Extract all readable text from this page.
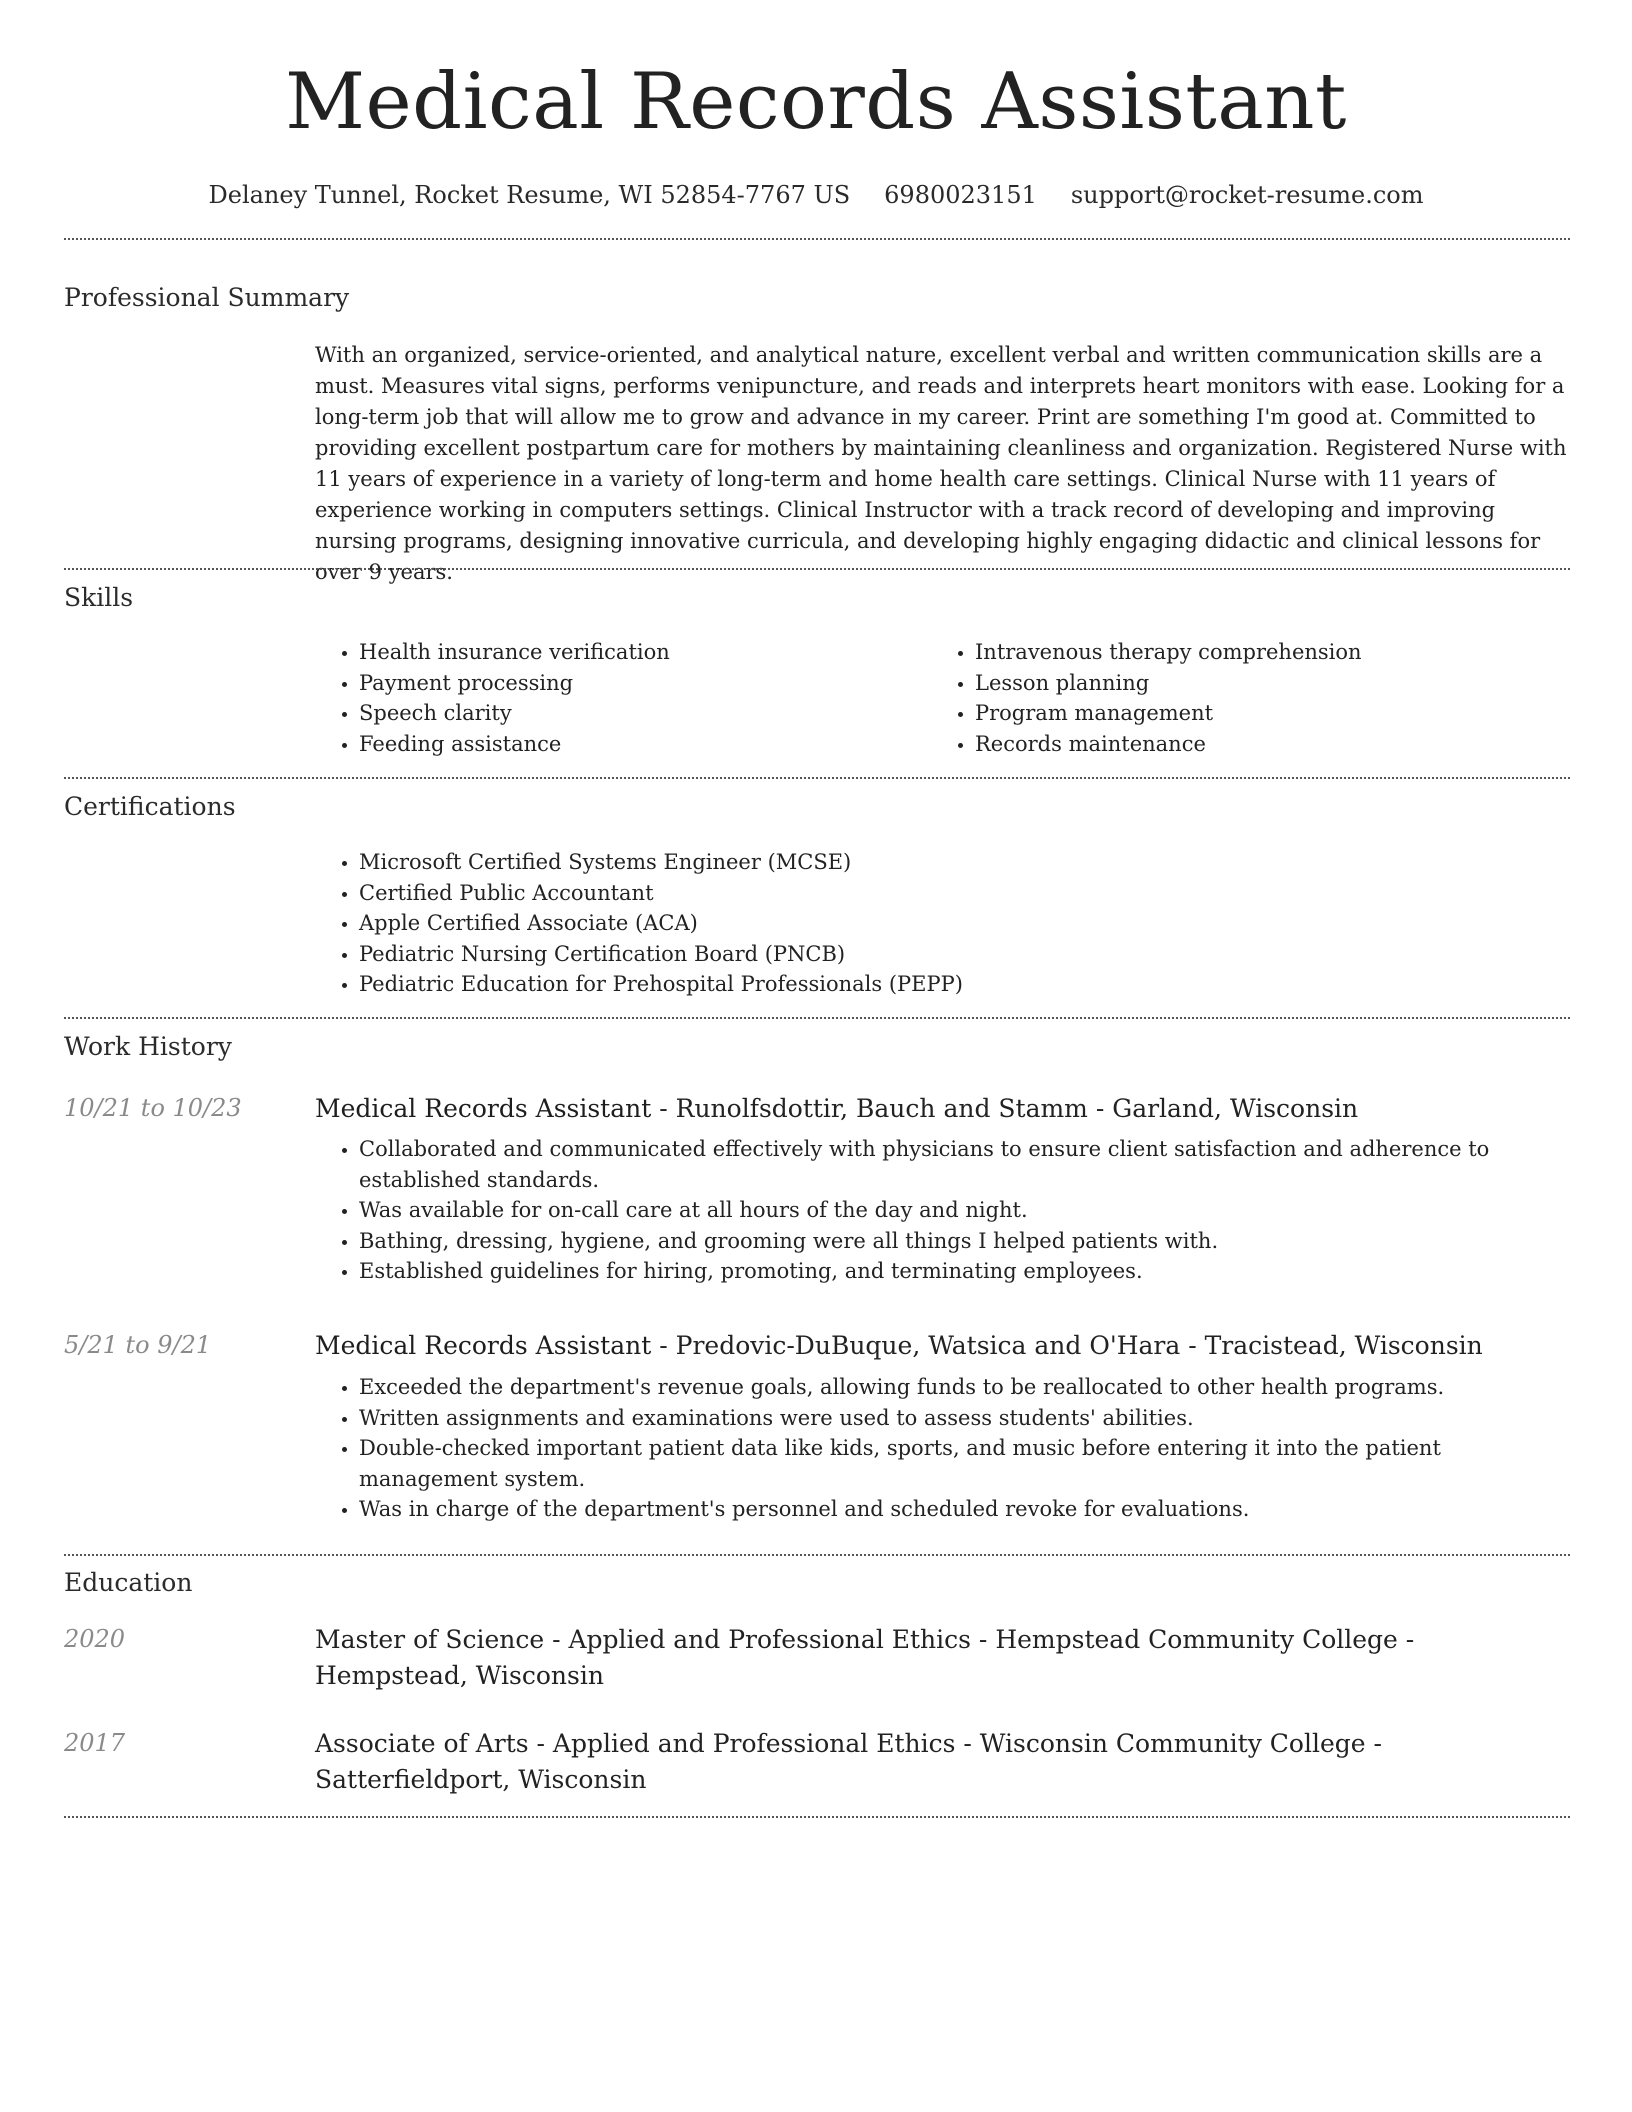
Medical Records Assistant
Delaney Tunnel, Rocket Resume, WI 52854-7767 US 6980023151 support@rocket-resume.com
Professional Summary
With an organized, service-oriented, and analytical nature, excellent verbal and written communication skills are a must. Measures vital signs, performs venipuncture, and reads and interprets heart monitors with ease. Looking for a long-term job that will allow me to grow and advance in my career. Print are something I'm good at. Committed to providing excellent postpartum care for mothers by maintaining cleanliness and organization. Registered Nurse with 11 years of experience in a variety of long-term and home health care settings. Clinical Nurse with 11 years of experience working in computers settings. Clinical Instructor with a track record of developing and improving nursing programs, designing innovative curricula, and developing highly engaging didactic and clinical lessons for over 9 years.
Skills
• Health insurance verification
• Payment processing
• Speech clarity
• Feeding assistance
• Intravenous therapy comprehension
• Lesson planning
• Program management
• Records maintenance
Certifications
• Microsoft Certified Systems Engineer (MCSE)
• Certified Public Accountant
• Apple Certified Associate (ACA)
• Pediatric Nursing Certification Board (PNCB)
• Pediatric Education for Prehospital Professionals (PEPP)
Work History
10/21 to 10/23	Medical Records Assistant - Runolfsdottir, Bauch and Stamm - Garland, Wisconsin
• Collaborated and communicated effectively with physicians to ensure client satisfaction and adherence to established standards.
• Was available for on-call care at all hours of the day and night.
• Bathing, dressing, hygiene, and grooming were all things I helped patients with.
• Established guidelines for hiring, promoting, and terminating employees.
5/21 to 9/21	Medical Records Assistant - Predovic-DuBuque, Watsica and O'Hara - Tracistead, Wisconsin
• Exceeded the department's revenue goals, allowing funds to be reallocated to other health programs.
• Written assignments and examinations were used to assess students' abilities.
• Double-checked important patient data like kids, sports, and music before entering it into the patient management system.
• Was in charge of the department's personnel and scheduled revoke for evaluations.
Education
2020	Master of Science - Applied and Professional Ethics - Hempstead Community College - Hempstead, Wisconsin
2017	Associate of Arts - Applied and Professional Ethics - Wisconsin Community College - Satterfieldport, Wisconsin
